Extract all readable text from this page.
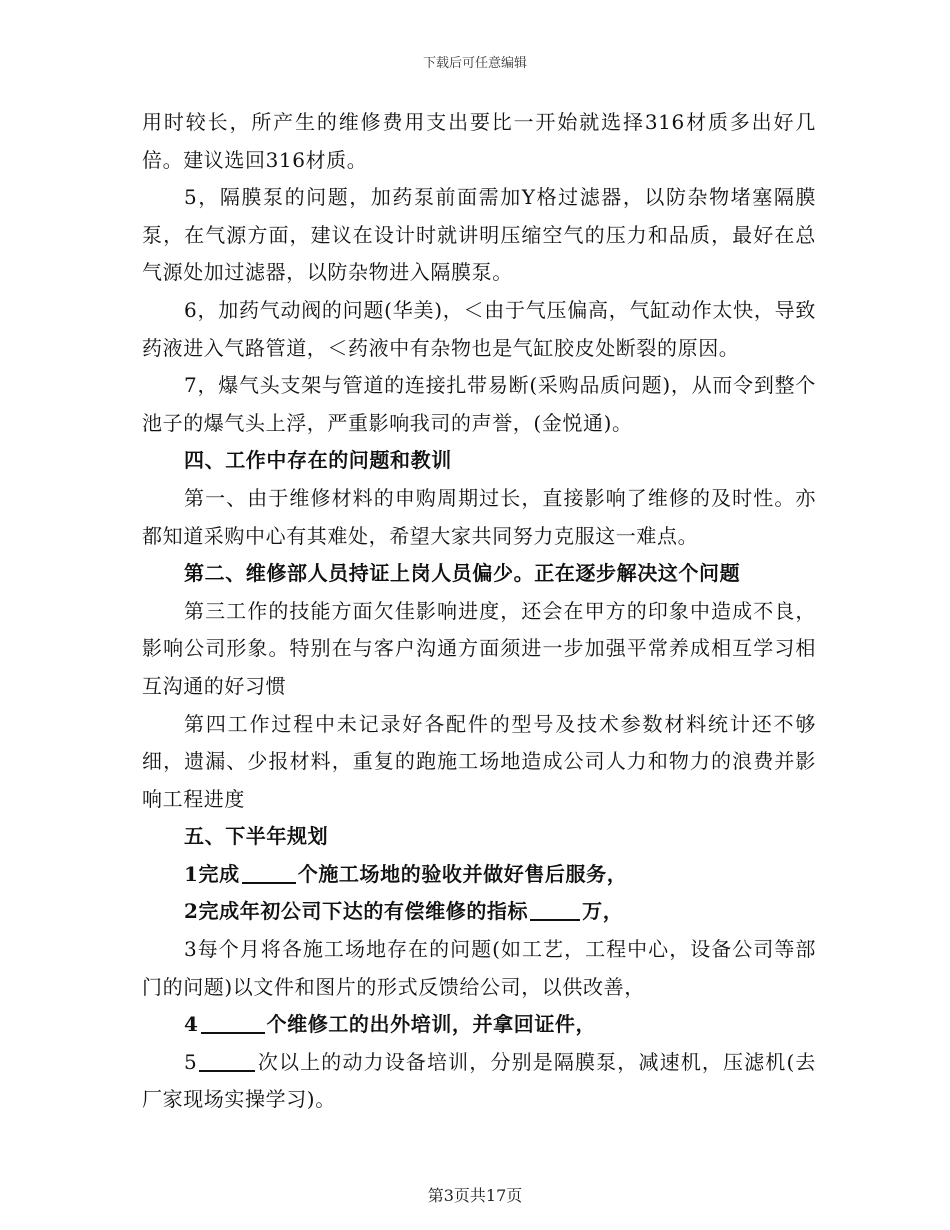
下载后可任意编辑

用时较长，所产生的维修费用支出要比一开始就选择316材质多出好几倍。建议选回316材质。

5，隔膜泵的问题，加药泵前面需加Y格过滤器，以防杂物堵塞隔膜泵，在气源方面，建议在设计时就讲明压缩空气的压力和品质，最好在总气源处加过滤器，以防杂物进入隔膜泵。

6，加药气动阀的问题(华美)，＜由于气压偏高，气缸动作太快，导致药液进入气路管道，＜药液中有杂物也是气缸胶皮处断裂的原因。

7，爆气头支架与管道的连接扎带易断(采购品质问题)，从而令到整个池子的爆气头上浮，严重影响我司的声誉，(金悦通)。

四、工作中存在的问题和教训

第一、由于维修材料的申购周期过长，直接影响了维修的及时性。亦都知道采购中心有其难处，希望大家共同努力克服这一难点。

第二、维修部人员持证上岗人员偏少。正在逐步解决这个问题

第三工作的技能方面欠佳影响进度，还会在甲方的印象中造成不良，影响公司形象。特别在与客户沟通方面须进一步加强平常养成相互学习相互沟通的好习惯

第四工作过程中未记录好各配件的型号及技术参数材料统计还不够细，遗漏、少报材料，重复的跑施工场地造成公司人力和物力的浪费并影响工程进度

五、下半年规划

1完成	个施工场地的验收并做好售后服务，

2完成年初公司下达的有偿维修的指标	万，

3每个月将各施工场地存在的问题(如工艺，工程中心，设备公司等部门的问题)以文件和图片的形式反馈给公司，以供改善，

4	个维修工的出外培训，并拿回证件，

5	次以上的动力设备培训，分别是隔膜泵，减速机，压滤机(去厂家现场实操学习)。

第3页共17页
